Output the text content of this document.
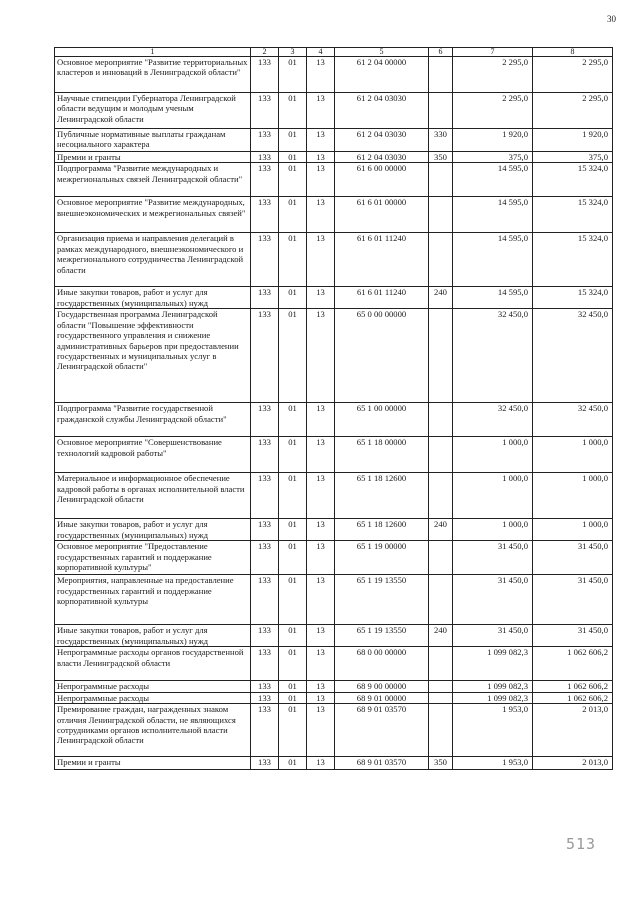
30
1	2	3	4	5	6	7	8
Основное мероприятие "Развитие территориальных кластеров и инноваций в Ленинградской области"	133	01	13	61 2 04 00000		2 295,0	2 295,0
Научные стипендии Губернатора Ленинградской области ведущим и молодым ученым Ленинградской области	133	01	13	61 2 04 03030		2 295,0	2 295,0
Публичные нормативные выплаты гражданам несоциального характера	133	01	13	61 2 04 03030	330	1 920,0	1 920,0
Премии и гранты	133	01	13	61 2 04 03030	350	375,0	375,0
Подпрограмма "Развитие международных и межрегиональных связей Ленинградской области"	133	01	13	61 6 00 00000		14 595,0	15 324,0
Основное мероприятие "Развитие международных, внешнеэкономических и межрегиональных связей"	133	01	13	61 6 01 00000		14 595,0	15 324,0
Организация приема и направления делегаций в рамках международного, внешнеэкономического и межрегионального сотрудничества Ленинградской области	133	01	13	61 6 01 11240		14 595,0	15 324,0
Иные закупки товаров, работ и услуг для государственных (муниципальных) нужд	133	01	13	61 6 01 11240	240	14 595,0	15 324,0
Государственная программа Ленинградской области "Повышение эффективности государственного управления и снижение административных барьеров при предоставлении государственных и муниципальных услуг в Ленинградской области"	133	01	13	65 0 00 00000		32 450,0	32 450,0
Подпрограмма "Развитие государственной гражданской службы Ленинградской области"	133	01	13	65 1 00 00000		32 450,0	32 450,0
Основное мероприятие "Совершенствование технологий кадровой работы"	133	01	13	65 1 18 00000		1 000,0	1 000,0
Материальное и информационное обеспечение кадровой работы в органах исполнительной власти Ленинградской области	133	01	13	65 1 18 12600		1 000,0	1 000,0
Иные закупки товаров, работ и услуг для государственных (муниципальных) нужд	133	01	13	65 1 18 12600	240	1 000,0	1 000,0
Основное мероприятие "Предоставление государственных гарантий и поддержание корпоративной культуры"	133	01	13	65 1 19 00000		31 450,0	31 450,0
Мероприятия, направленные на предоставление государственных гарантий и поддержание корпоративной культуры	133	01	13	65 1 19 13550		31 450,0	31 450,0
Иные закупки товаров, работ и услуг для государственных (муниципальных) нужд	133	01	13	65 1 19 13550	240	31 450,0	31 450,0
Непрограммные расходы органов государственной власти Ленинградской области	133	01	13	68 0 00 00000		1 099 082,3	1 062 606,2
Непрограммные расходы	133	01	13	68 9 00 00000		1 099 082,3	1 062 606,2
Непрограммные расходы	133	01	13	68 9 01 00000		1 099 082,3	1 062 606,2
Премирование граждан, награжденных знаком отличия Ленинградской области, не являющихся сотрудниками органов исполнительной власти Ленинградской области	133	01	13	68 9 01 03570		1 953,0	2 013,0
Премии и гранты	133	01	13	68 9 01 03570	350	1 953,0	2 013,0
513
